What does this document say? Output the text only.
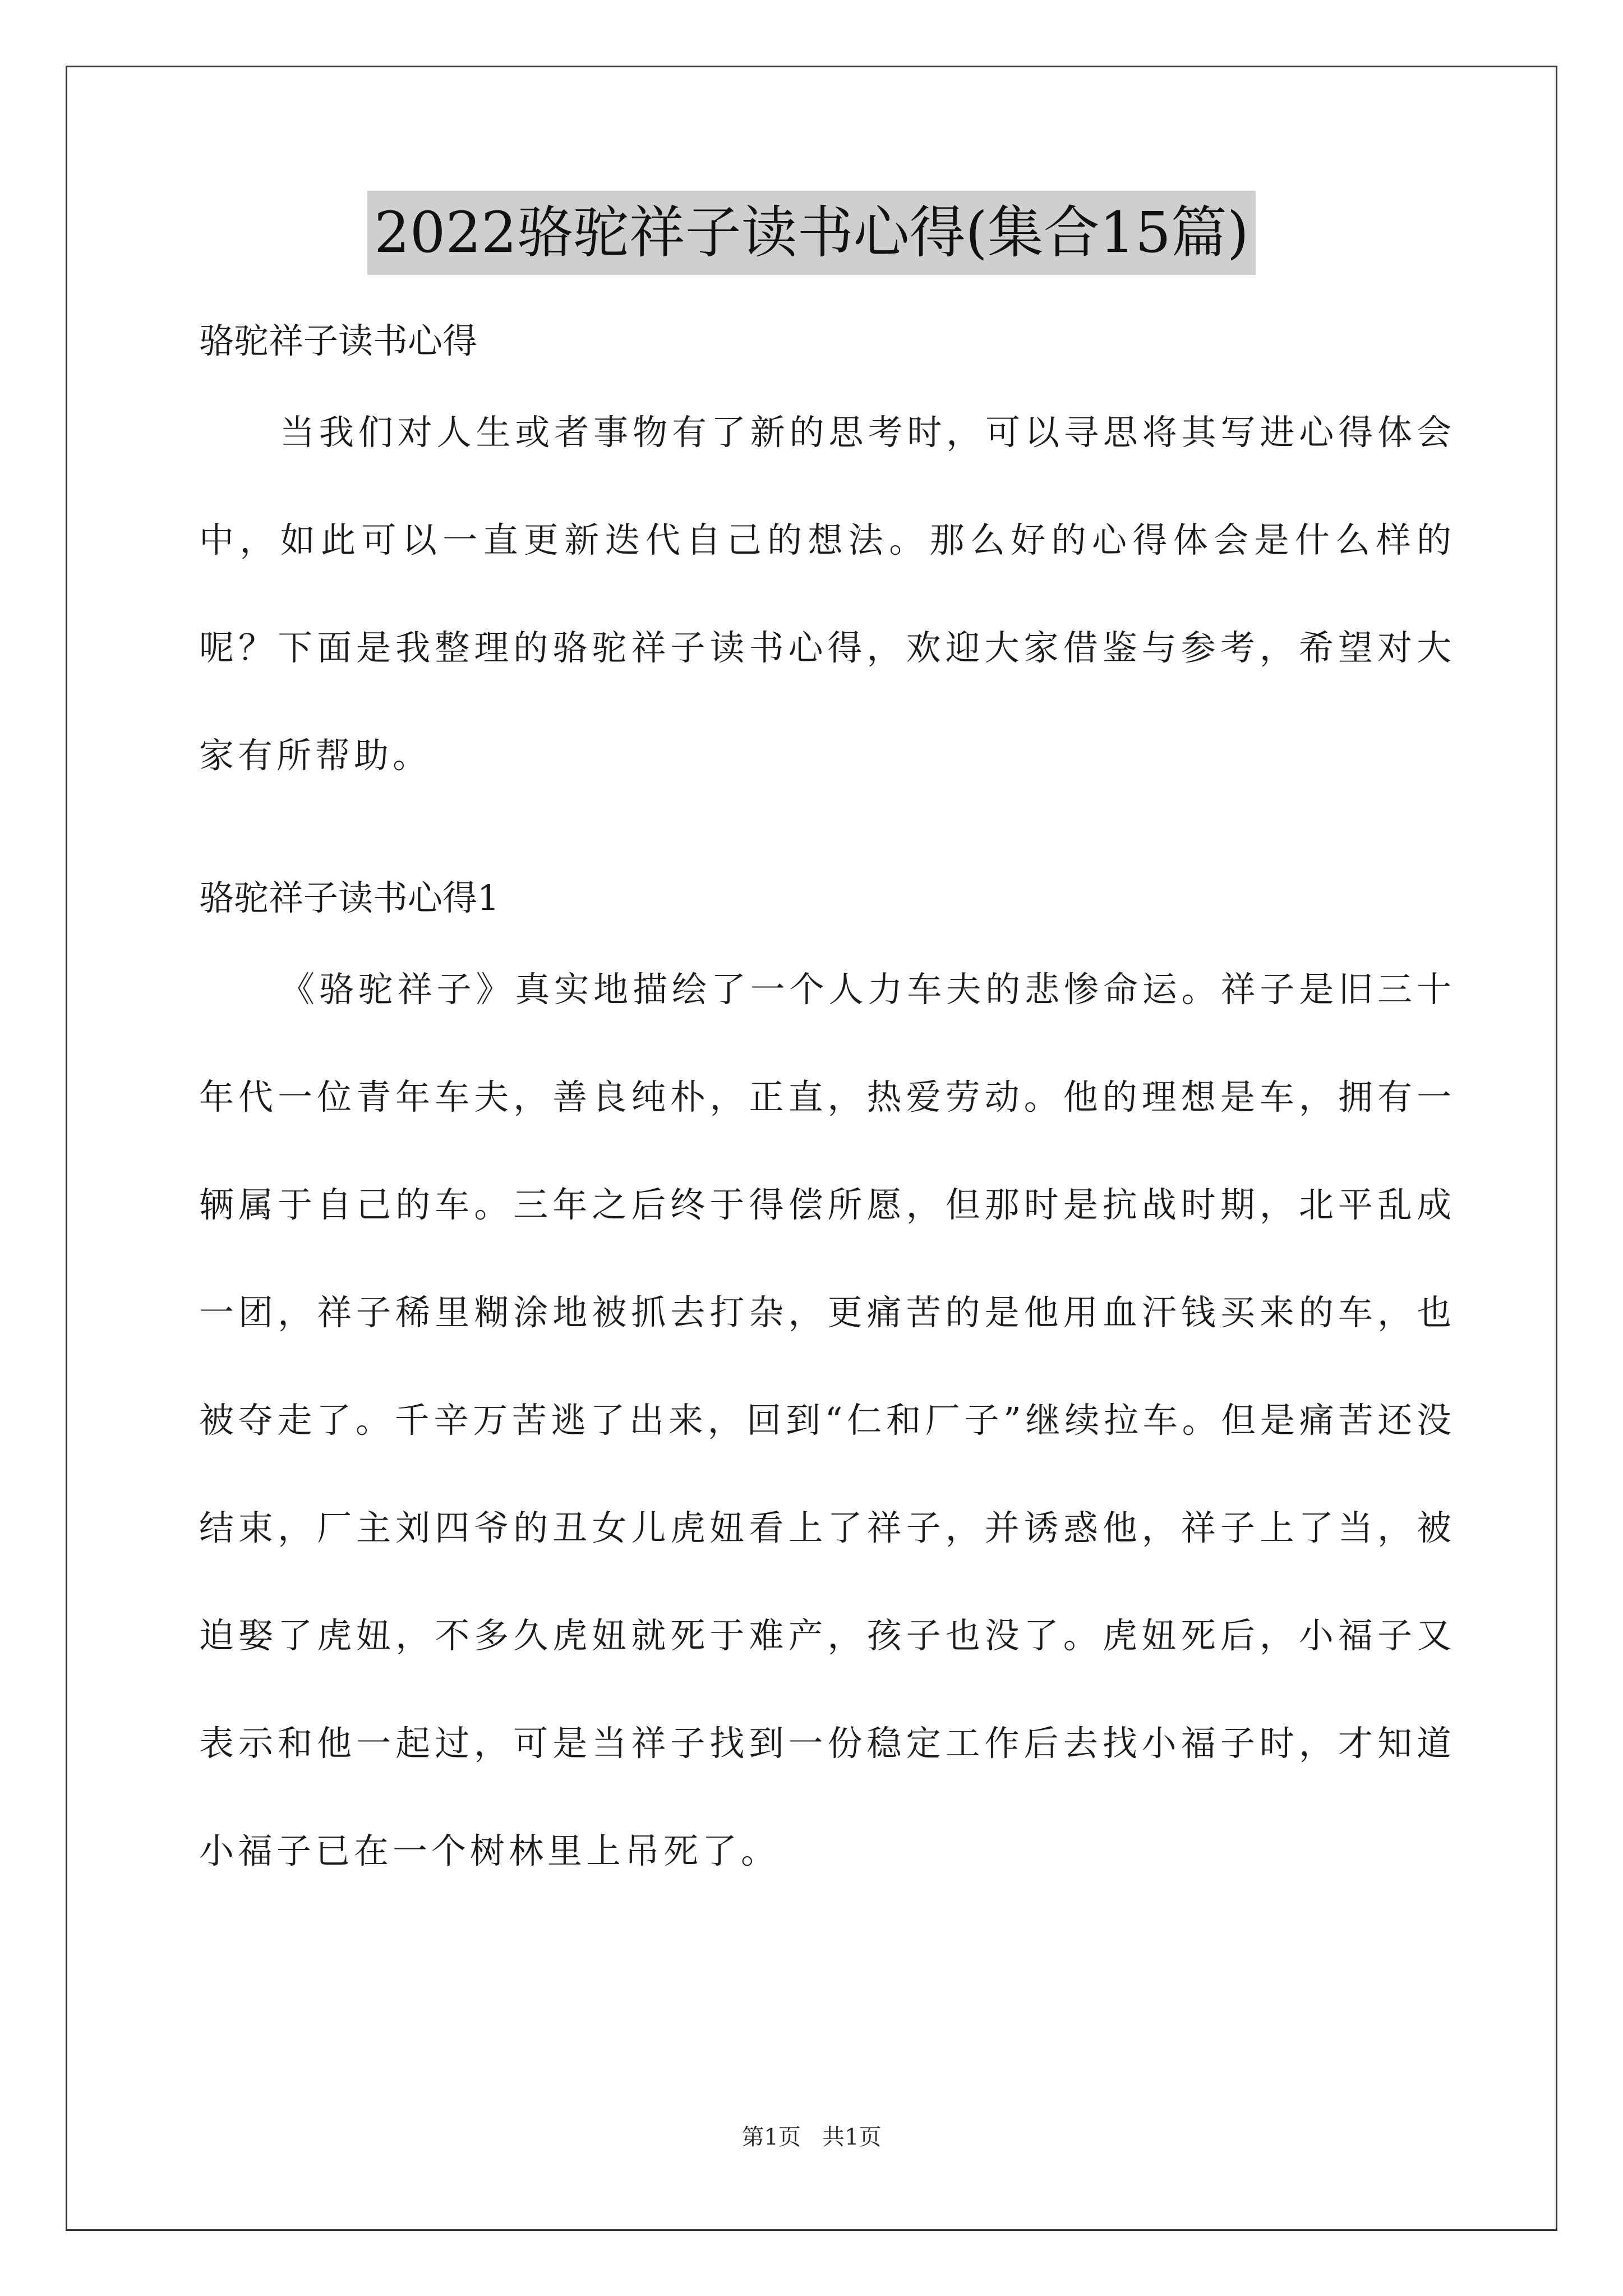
2022骆驼祥子读书心得(集合15篇)

骆驼祥子读书心得

当我们对人生或者事物有了新的思考时，可以寻思将其写进心得体会中，如此可以一直更新迭代自己的想法。那么好的心得体会是什么样的呢？下面是我整理的骆驼祥子读书心得，欢迎大家借鉴与参考，希望对大家有所帮助。

骆驼祥子读书心得1

《骆驼祥子》真实地描绘了一个人力车夫的悲惨命运。祥子是旧三十年代一位青年车夫，善良纯朴，正直，热爱劳动。他的理想是车，拥有一辆属于自己的车。三年之后终于得偿所愿，但那时是抗战时期，北平乱成一团，祥子稀里糊涂地被抓去打杂，更痛苦的是他用血汗钱买来的车，也被夺走了。千辛万苦逃了出来，回到“仁和厂子”继续拉车。但是痛苦还没结束，厂主刘四爷的丑女儿虎妞看上了祥子，并诱惑他，祥子上了当，被迫娶了虎妞，不多久虎妞就死于难产，孩子也没了。虎妞死后，小福子又表示和他一起过，可是当祥子找到一份稳定工作后去找小福子时，才知道小福子已在一个树林里上吊死了。

第1页   共1页
